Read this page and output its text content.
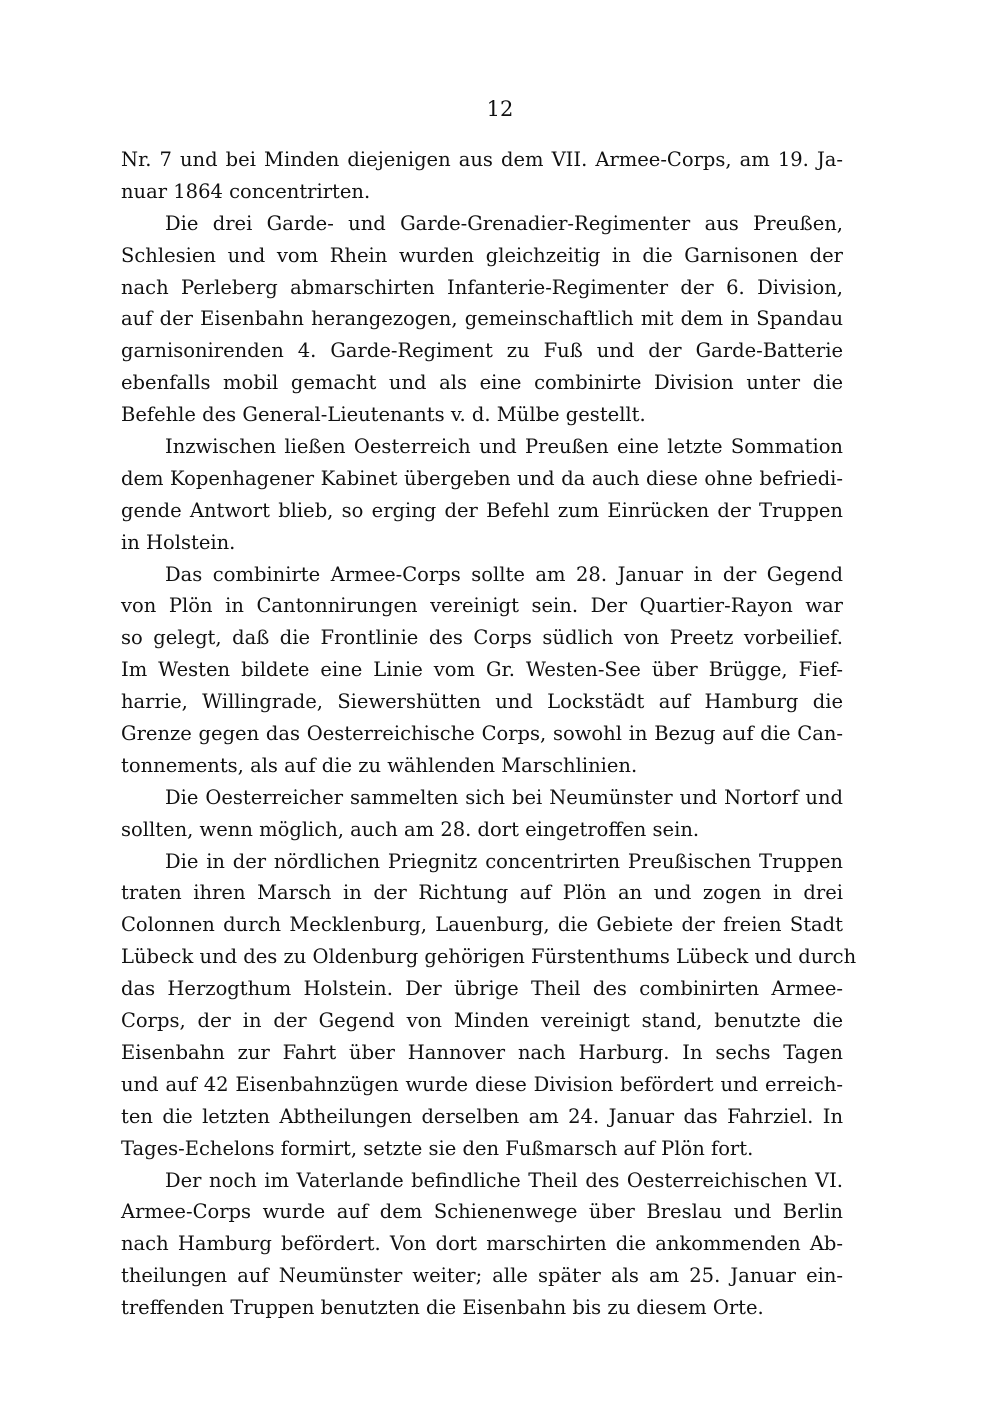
12
Nr. 7 und bei Minden diejenigen aus dem VII. Armee-Corps, am 19. Ja-
nuar 1864 concentrirten.
Die drei Garde- und Garde-Grenadier-Regimenter aus Preußen,
Schlesien und vom Rhein wurden gleichzeitig in die Garnisonen der
nach Perleberg abmarschirten Infanterie-Regimenter der 6. Division,
auf der Eisenbahn herangezogen, gemeinschaftlich mit dem in Spandau
garnisonirenden 4. Garde-Regiment zu Fuß und der Garde-Batterie
ebenfalls mobil gemacht und als eine combinirte Division unter die
Befehle des General-Lieutenants v. d. Mülbe gestellt.
Inzwischen ließen Oesterreich und Preußen eine letzte Sommation
dem Kopenhagener Kabinet übergeben und da auch diese ohne befriedi-
gende Antwort blieb, so erging der Befehl zum Einrücken der Truppen
in Holstein.
Das combinirte Armee-Corps sollte am 28. Januar in der Gegend
von Plön in Cantonnirungen vereinigt sein. Der Quartier-Rayon war
so gelegt, daß die Frontlinie des Corps südlich von Preetz vorbeilief.
Im Westen bildete eine Linie vom Gr. Westen-See über Brügge, Fief-
harrie, Willingrade, Siewershütten und Lockstädt auf Hamburg die
Grenze gegen das Oesterreichische Corps, sowohl in Bezug auf die Can-
tonnements, als auf die zu wählenden Marschlinien.
Die Oesterreicher sammelten sich bei Neumünster und Nortorf und
sollten, wenn möglich, auch am 28. dort eingetroffen sein.
Die in der nördlichen Priegnitz concentrirten Preußischen Truppen
traten ihren Marsch in der Richtung auf Plön an und zogen in drei
Colonnen durch Mecklenburg, Lauenburg, die Gebiete der freien Stadt
Lübeck und des zu Oldenburg gehörigen Fürstenthums Lübeck und durch
das Herzogthum Holstein. Der übrige Theil des combinirten Armee-
Corps, der in der Gegend von Minden vereinigt stand, benutzte die
Eisenbahn zur Fahrt über Hannover nach Harburg. In sechs Tagen
und auf 42 Eisenbahnzügen wurde diese Division befördert und erreich-
ten die letzten Abtheilungen derselben am 24. Januar das Fahrziel. In
Tages-Echelons formirt, setzte sie den Fußmarsch auf Plön fort.
Der noch im Vaterlande befindliche Theil des Oesterreichischen VI.
Armee-Corps wurde auf dem Schienenwege über Breslau und Berlin
nach Hamburg befördert. Von dort marschirten die ankommenden Ab-
theilungen auf Neumünster weiter; alle später als am 25. Januar ein-
treffenden Truppen benutzten die Eisenbahn bis zu diesem Orte.
